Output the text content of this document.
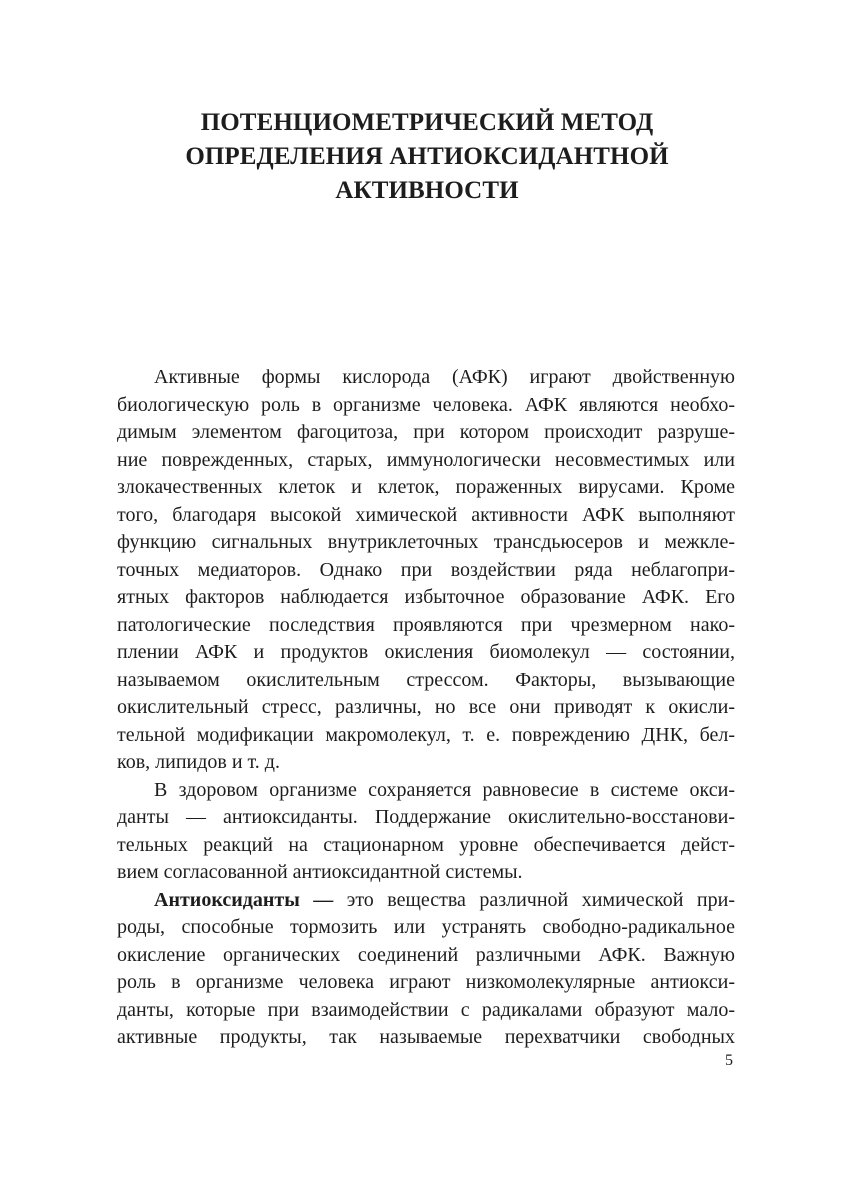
ПОТЕНЦИОМЕТРИЧЕСКИЙ МЕТОД
ОПРЕДЕЛЕНИЯ АНТИОКСИДАНТНОЙ
АКТИВНОСТИ

Активные формы кислорода (АФК) играют двойственную
биологическую роль в организме человека. АФК являются необхо-
димым элементом фагоцитоза, при котором происходит разруше-
ние поврежденных, старых, иммунологически несовместимых или
злокачественных клеток и клеток, пораженных вирусами. Кроме
того, благодаря высокой химической активности АФК выполняют
функцию сигнальных внутриклеточных трансдьюсеров и межкле-
точных медиаторов. Однако при воздействии ряда неблагопри-
ятных факторов наблюдается избыточное образование АФК. Его
патологические последствия проявляются при чрезмерном нако-
плении АФК и продуктов окисления биомолекул — состоянии,
называемом окислительным стрессом. Факторы, вызывающие
окислительный стресс, различны, но все они приводят к окисли-
тельной модификации макромолекул, т. е. повреждению ДНК, бел-
ков, липидов и т. д.

В здоровом организме сохраняется равновесие в системе окси-
данты — антиоксиданты. Поддержание окислительно-восстанови-
тельных реакций на стационарном уровне обеспечивается дейст-
вием согласованной антиоксидантной системы.

Антиоксиданты — это вещества различной химической при-
роды, способные тормозить или устранять свободно-радикальное
окисление органических соединений различными АФК. Важную
роль в организме человека играют низкомолекулярные антиокси-
данты, которые при взаимодействии с радикалами образуют мало-
активные продукты, так называемые перехватчики свободных

5
